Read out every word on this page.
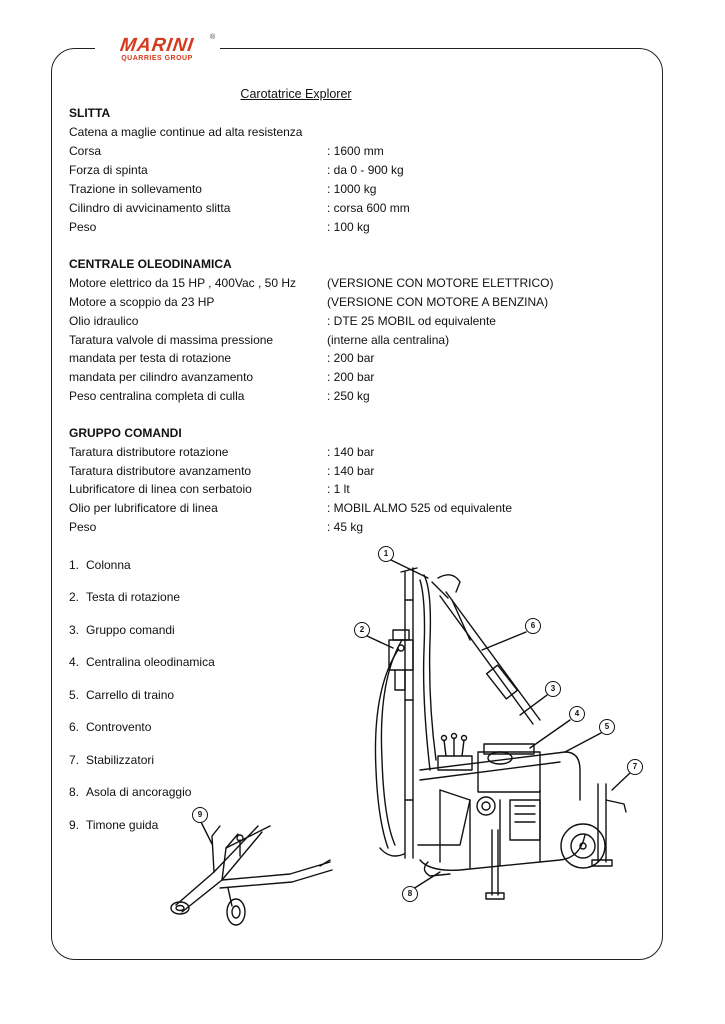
MARINI	®
QUARRIES GROUP
Carotatrice Explorer
SLITTA
Catena a maglie continue ad alta resistenza
Corsa	: 1600 mm
Forza di spinta	: da 0 - 900 kg
Trazione in sollevamento	: 1000 kg
Cilindro di avvicinamento slitta	: corsa 600 mm
Peso	: 100 kg
CENTRALE OLEODINAMICA
Motore elettrico da 15 HP , 400Vac , 50 Hz	(VERSIONE CON MOTORE ELETTRICO)
Motore a scoppio da 23 HP	(VERSIONE CON MOTORE A BENZINA)
Olio idraulico	: DTE 25 MOBIL od equivalente
Taratura valvole di massima pressione	(interne alla centralina)
mandata per testa di rotazione	: 200 bar
mandata per cilindro avanzamento	: 200 bar
Peso centralina completa di culla	: 250 kg
GRUPPO COMANDI
Taratura distributore rotazione	: 140 bar
Taratura distributore avanzamento	: 140 bar
Lubrificatore di linea con serbatoio	: 1 lt
Olio per lubrificatore di linea	: MOBIL ALMO 525 od equivalente
Peso	: 45 kg
1. Colonna
2. Testa di rotazione
3. Gruppo comandi
4. Centralina oleodinamica
5. Carrello di traino
6. Controvento
7. Stabilizzatori
8. Asola di ancoraggio
9. Timone guida
1
2	6
3
4
5
7
8
9
